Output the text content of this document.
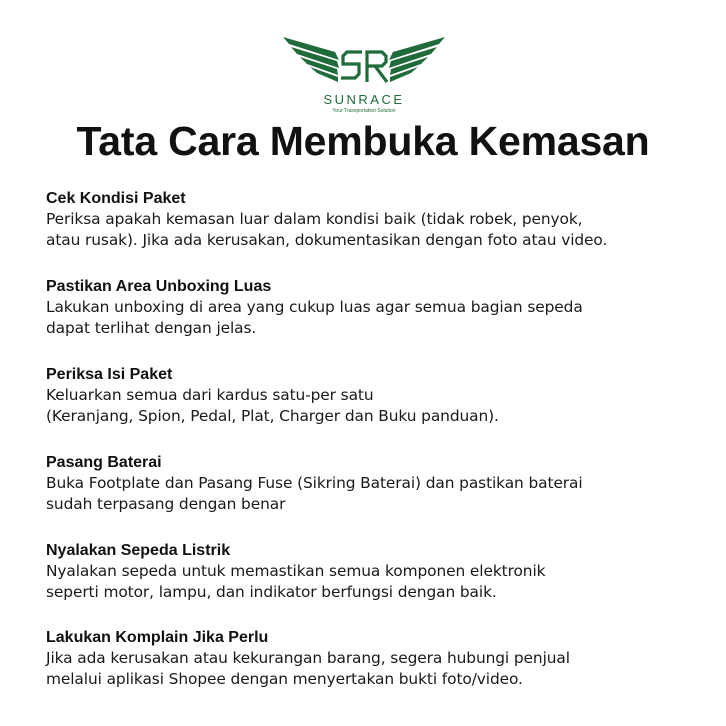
SUNRACE
Your Trasnportation Solution
Tata Cara Membuka Kemasan
Cek Kondisi Paket
Periksa apakah kemasan luar dalam kondisi baik (tidak robek, penyok,
atau rusak). Jika ada kerusakan, dokumentasikan dengan foto atau video.
Pastikan Area Unboxing Luas
Lakukan unboxing di area yang cukup luas agar semua bagian sepeda
dapat terlihat dengan jelas.
Periksa Isi Paket
Keluarkan semua dari kardus satu-per satu
(Keranjang, Spion, Pedal, Plat, Charger dan Buku panduan).
Pasang Baterai
Buka Footplate dan Pasang Fuse (Sikring Baterai) dan pastikan baterai
sudah terpasang dengan benar
Nyalakan Sepeda Listrik
Nyalakan sepeda untuk memastikan semua komponen elektronik
seperti motor, lampu, dan indikator berfungsi dengan baik.
Lakukan Komplain Jika Perlu
Jika ada kerusakan atau kekurangan barang, segera hubungi penjual
melalui aplikasi Shopee dengan menyertakan bukti foto/video.
